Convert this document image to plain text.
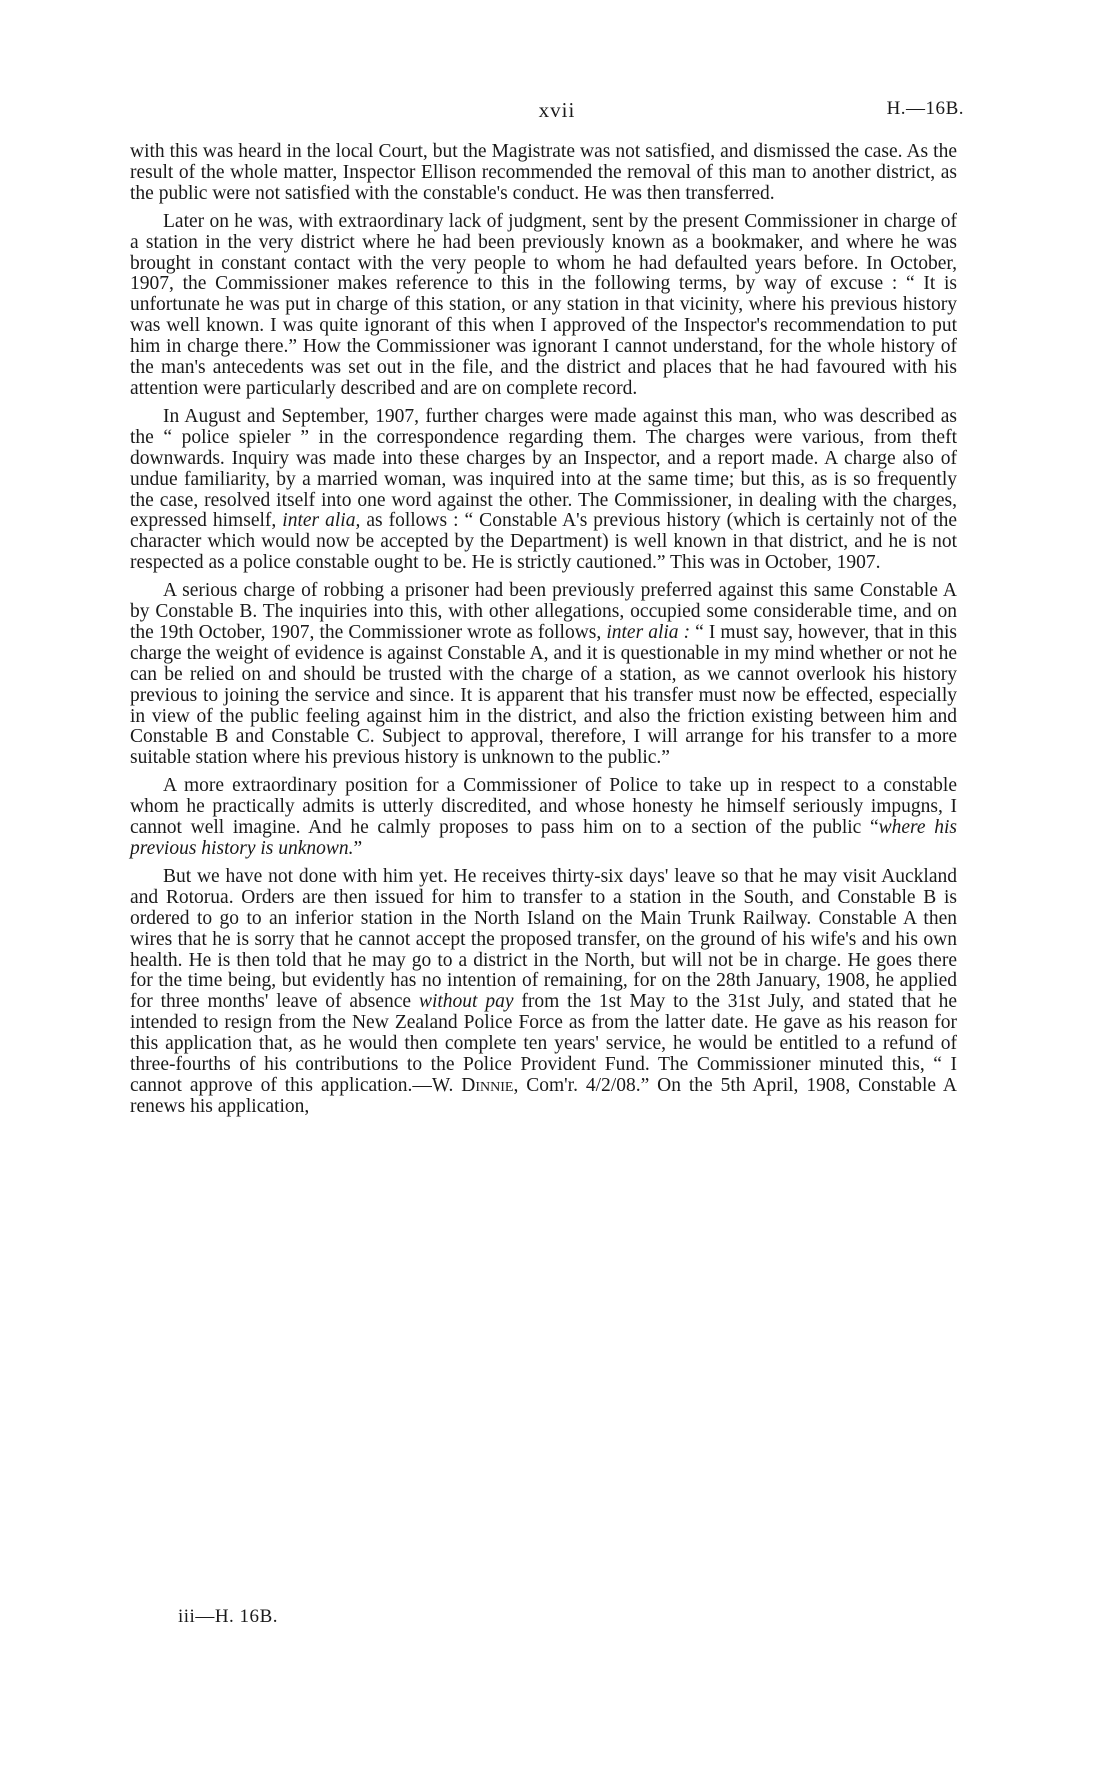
xvii	H.—16B.

with this was heard in the local Court, but the Magistrate was not satisfied, and dismissed the case. As the result of the whole matter, Inspector Ellison recommended the removal of this man to another district, as the public were not satisfied with the constable's conduct. He was then transferred.

Later on he was, with extraordinary lack of judgment, sent by the present Commissioner in charge of a station in the very district where he had been previously known as a bookmaker, and where he was brought in constant contact with the very people to whom he had defaulted years before. In October, 1907, the Commissioner makes reference to this in the following terms, by way of excuse : “ It is unfortunate he was put in charge of this station, or any station in that vicinity, where his previous history was well known. I was quite ignorant of this when I approved of the Inspector's recommendation to put him in charge there.” How the Commissioner was ignorant I cannot understand, for the whole history of the man's antecedents was set out in the file, and the district and places that he had favoured with his attention were particularly described and are on complete record.

In August and September, 1907, further charges were made against this man, who was described as the “ police spieler ” in the correspondence regarding them. The charges were various, from theft downwards. Inquiry was made into these charges by an Inspector, and a report made. A charge also of undue familiarity, by a married woman, was inquired into at the same time; but this, as is so frequently the case, resolved itself into one word against the other. The Commissioner, in dealing with the charges, expressed himself, inter alia, as follows : “ Constable A's previous history (which is certainly not of the character which would now be accepted by the Department) is well known in that district, and he is not respected as a police constable ought to be. He is strictly cautioned.” This was in October, 1907.

A serious charge of robbing a prisoner had been previously preferred against this same Constable A by Constable B. The inquiries into this, with other allegations, occupied some considerable time, and on the 19th October, 1907, the Commissioner wrote as follows, inter alia : “ I must say, however, that in this charge the weight of evidence is against Constable A, and it is questionable in my mind whether or not he can be relied on and should be trusted with the charge of a station, as we cannot overlook his history previous to joining the service and since. It is apparent that his transfer must now be effected, especially in view of the public feeling against him in the district, and also the friction existing between him and Constable B and Constable C. Subject to approval, therefore, I will arrange for his transfer to a more suitable station where his previous history is unknown to the public.”

A more extraordinary position for a Commissioner of Police to take up in respect to a constable whom he practically admits is utterly discredited, and whose honesty he himself seriously impugns, I cannot well imagine. And he calmly proposes to pass him on to a section of the public “where his previous history is unknown.”

But we have not done with him yet. He receives thirty-six days' leave so that he may visit Auckland and Rotorua. Orders are then issued for him to transfer to a station in the South, and Constable B is ordered to go to an inferior station in the North Island on the Main Trunk Railway. Constable A then wires that he is sorry that he cannot accept the proposed transfer, on the ground of his wife's and his own health. He is then told that he may go to a district in the North, but will not be in charge. He goes there for the time being, but evidently has no intention of remaining, for on the 28th January, 1908, he applied for three months' leave of absence without pay from the 1st May to the 31st July, and stated that he intended to resign from the New Zealand Police Force as from the latter date. He gave as his reason for this application that, as he would then complete ten years' service, he would be entitled to a refund of three-fourths of his contributions to the Police Provident Fund. The Commissioner minuted this, “ I cannot approve of this application.—W. Dinnie, Com'r. 4/2/08.” On the 5th April, 1908, Constable A renews his application,

iii—H. 16B.
